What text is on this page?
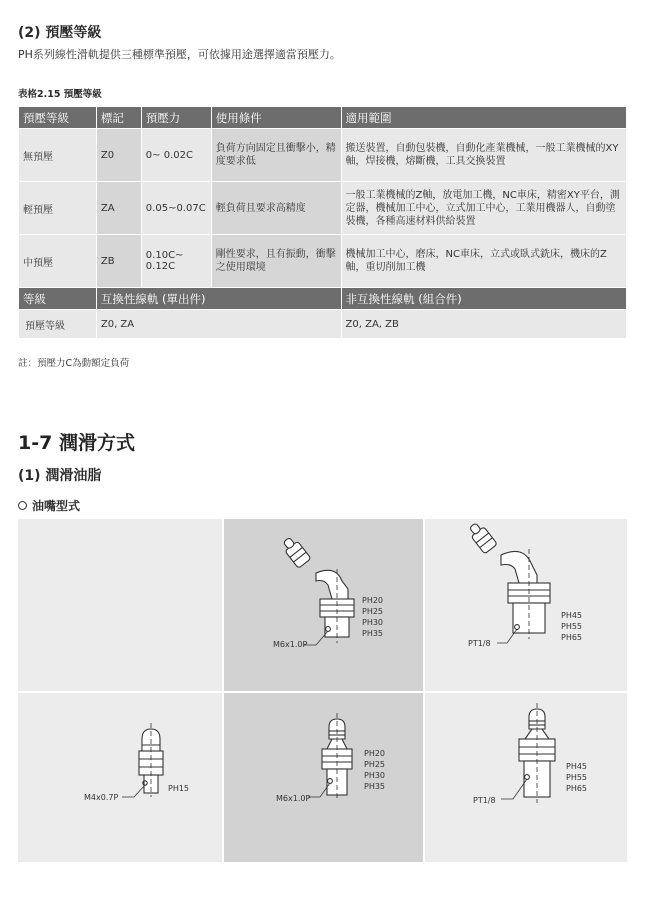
(2) 預壓等級
PH系列線性滑軌提供三種標準預壓，可依據用途選擇適當預壓力。
表格2.15 預壓等級
預壓等級	標記	預壓力	使用條件	適用範圍
無預壓	Z0	0~ 0.02C	負荷方向固定且衝擊小，精度要求低	搬送裝置，自動包裝機，自動化產業機械，一般工業機械的XY軸，焊接機，熔斷機，工具交換裝置
輕預壓	ZA	0.05~0.07C	輕負荷且要求高精度	一般工業機械的Z軸，放電加工機，NC車床，精密XY平台，測定器，機械加工中心，立式加工中心，工業用機器人，自動塗裝機，各種高速材料供給裝置
中預壓	ZB	0.10C~ 0.12C	剛性要求，且有振動，衝擊之使用環境	機械加工中心，磨床，NC車床，立式或臥式銑床，機床的Z軸，重切削加工機
等級	互換性線軌 (單出件)			非互換性線軌 (組合件)
預壓等級	Z0, ZA			Z0, ZA, ZB
註：預壓力C為動額定負荷
1-7 潤滑方式
(1) 潤滑油脂
油嘴型式
M6x1.0P
PH20
PH25
PH30
PH35
PT1/8
PH45
PH55
PH65
M4x0.7P
PH15
M6x1.0P
PH20
PH25
PH30
PH35
PT1/8
PH45
PH55
PH65
